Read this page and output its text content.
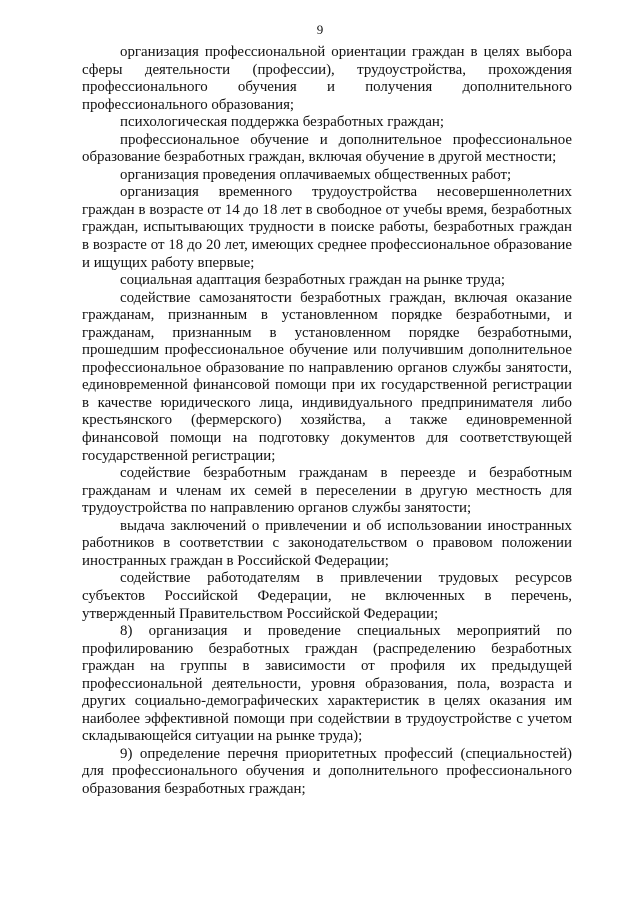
9

организация профессиональной ориентации граждан в целях выбора сферы деятельности (профессии), трудоустройства, прохождения профессионального обучения и получения дополнительного профессионального образования;

психологическая поддержка безработных граждан;

профессиональное обучение и дополнительное профессиональное образование безработных граждан, включая обучение в другой местности;

организация проведения оплачиваемых общественных работ;

организация временного трудоустройства несовершеннолетних граждан в возрасте от 14 до 18 лет в свободное от учебы время, безработных граждан, испытывающих трудности в поиске работы, безработных граждан в возрасте от 18 до 20 лет, имеющих среднее профессиональное образование и ищущих работу впервые;

социальная адаптация безработных граждан на рынке труда;

содействие самозанятости безработных граждан, включая оказание гражданам, признанным в установленном порядке безработными, и гражданам, признанным в установленном порядке безработными, прошедшим профессиональное обучение или получившим дополнительное профессиональное образование по направлению органов службы занятости, единовременной финансовой помощи при их государственной регистрации в качестве юридического лица, индивидуального предпринимателя либо крестьянского (фермерского) хозяйства, а также единовременной финансовой помощи на подготовку документов для соответствующей государственной регистрации;

содействие безработным гражданам в переезде и безработным гражданам и членам их семей в переселении в другую местность для трудоустройства по направлению органов службы занятости;

выдача заключений о привлечении и об использовании иностранных работников в соответствии с законодательством о правовом положении иностранных граждан в Российской Федерации;

содействие работодателям в привлечении трудовых ресурсов субъектов Российской Федерации, не включенных в перечень, утвержденный Правительством Российской Федерации;

8) организация и проведение специальных мероприятий по профилированию безработных граждан (распределению безработных граждан на группы в зависимости от профиля их предыдущей профессиональной деятельности, уровня образования, пола, возраста и других социально-демографических характеристик в целях оказания им наиболее эффективной помощи при содействии в трудоустройстве с учетом складывающейся ситуации на рынке труда);

9) определение перечня приоритетных профессий (специальностей) для профессионального обучения и дополнительного профессионального образования безработных граждан;
